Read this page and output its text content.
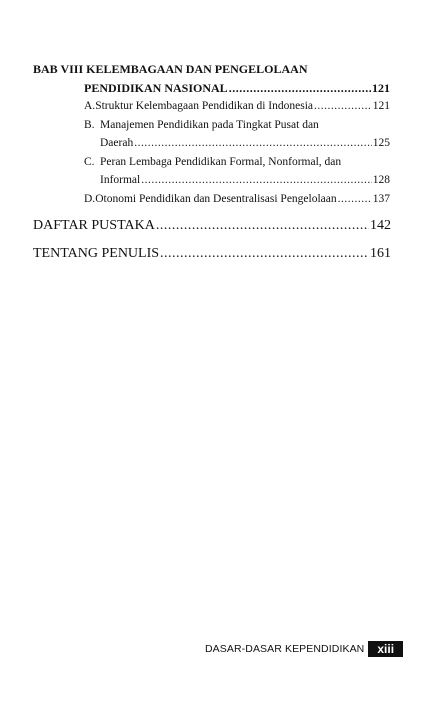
BAB VIII KELEMBAGAAN DAN PENGELOLAAN
PENDIDIKAN NASIONAL .....	121
A. Struktur Kelembagaan Pendidikan di Indonesia .....	121
B. Manajemen Pendidikan pada Tingkat Pusat dan
Daerah .....	125
C. Peran Lembaga Pendidikan Formal, Nonformal, dan
Informal .....	128
D. Otonomi Pendidikan dan Desentralisasi Pengelolaan .....	137
DAFTAR PUSTAKA .....	142
TENTANG PENULIS .....	161
DASAR-DASAR KEPENDIDIKAN	xiii
